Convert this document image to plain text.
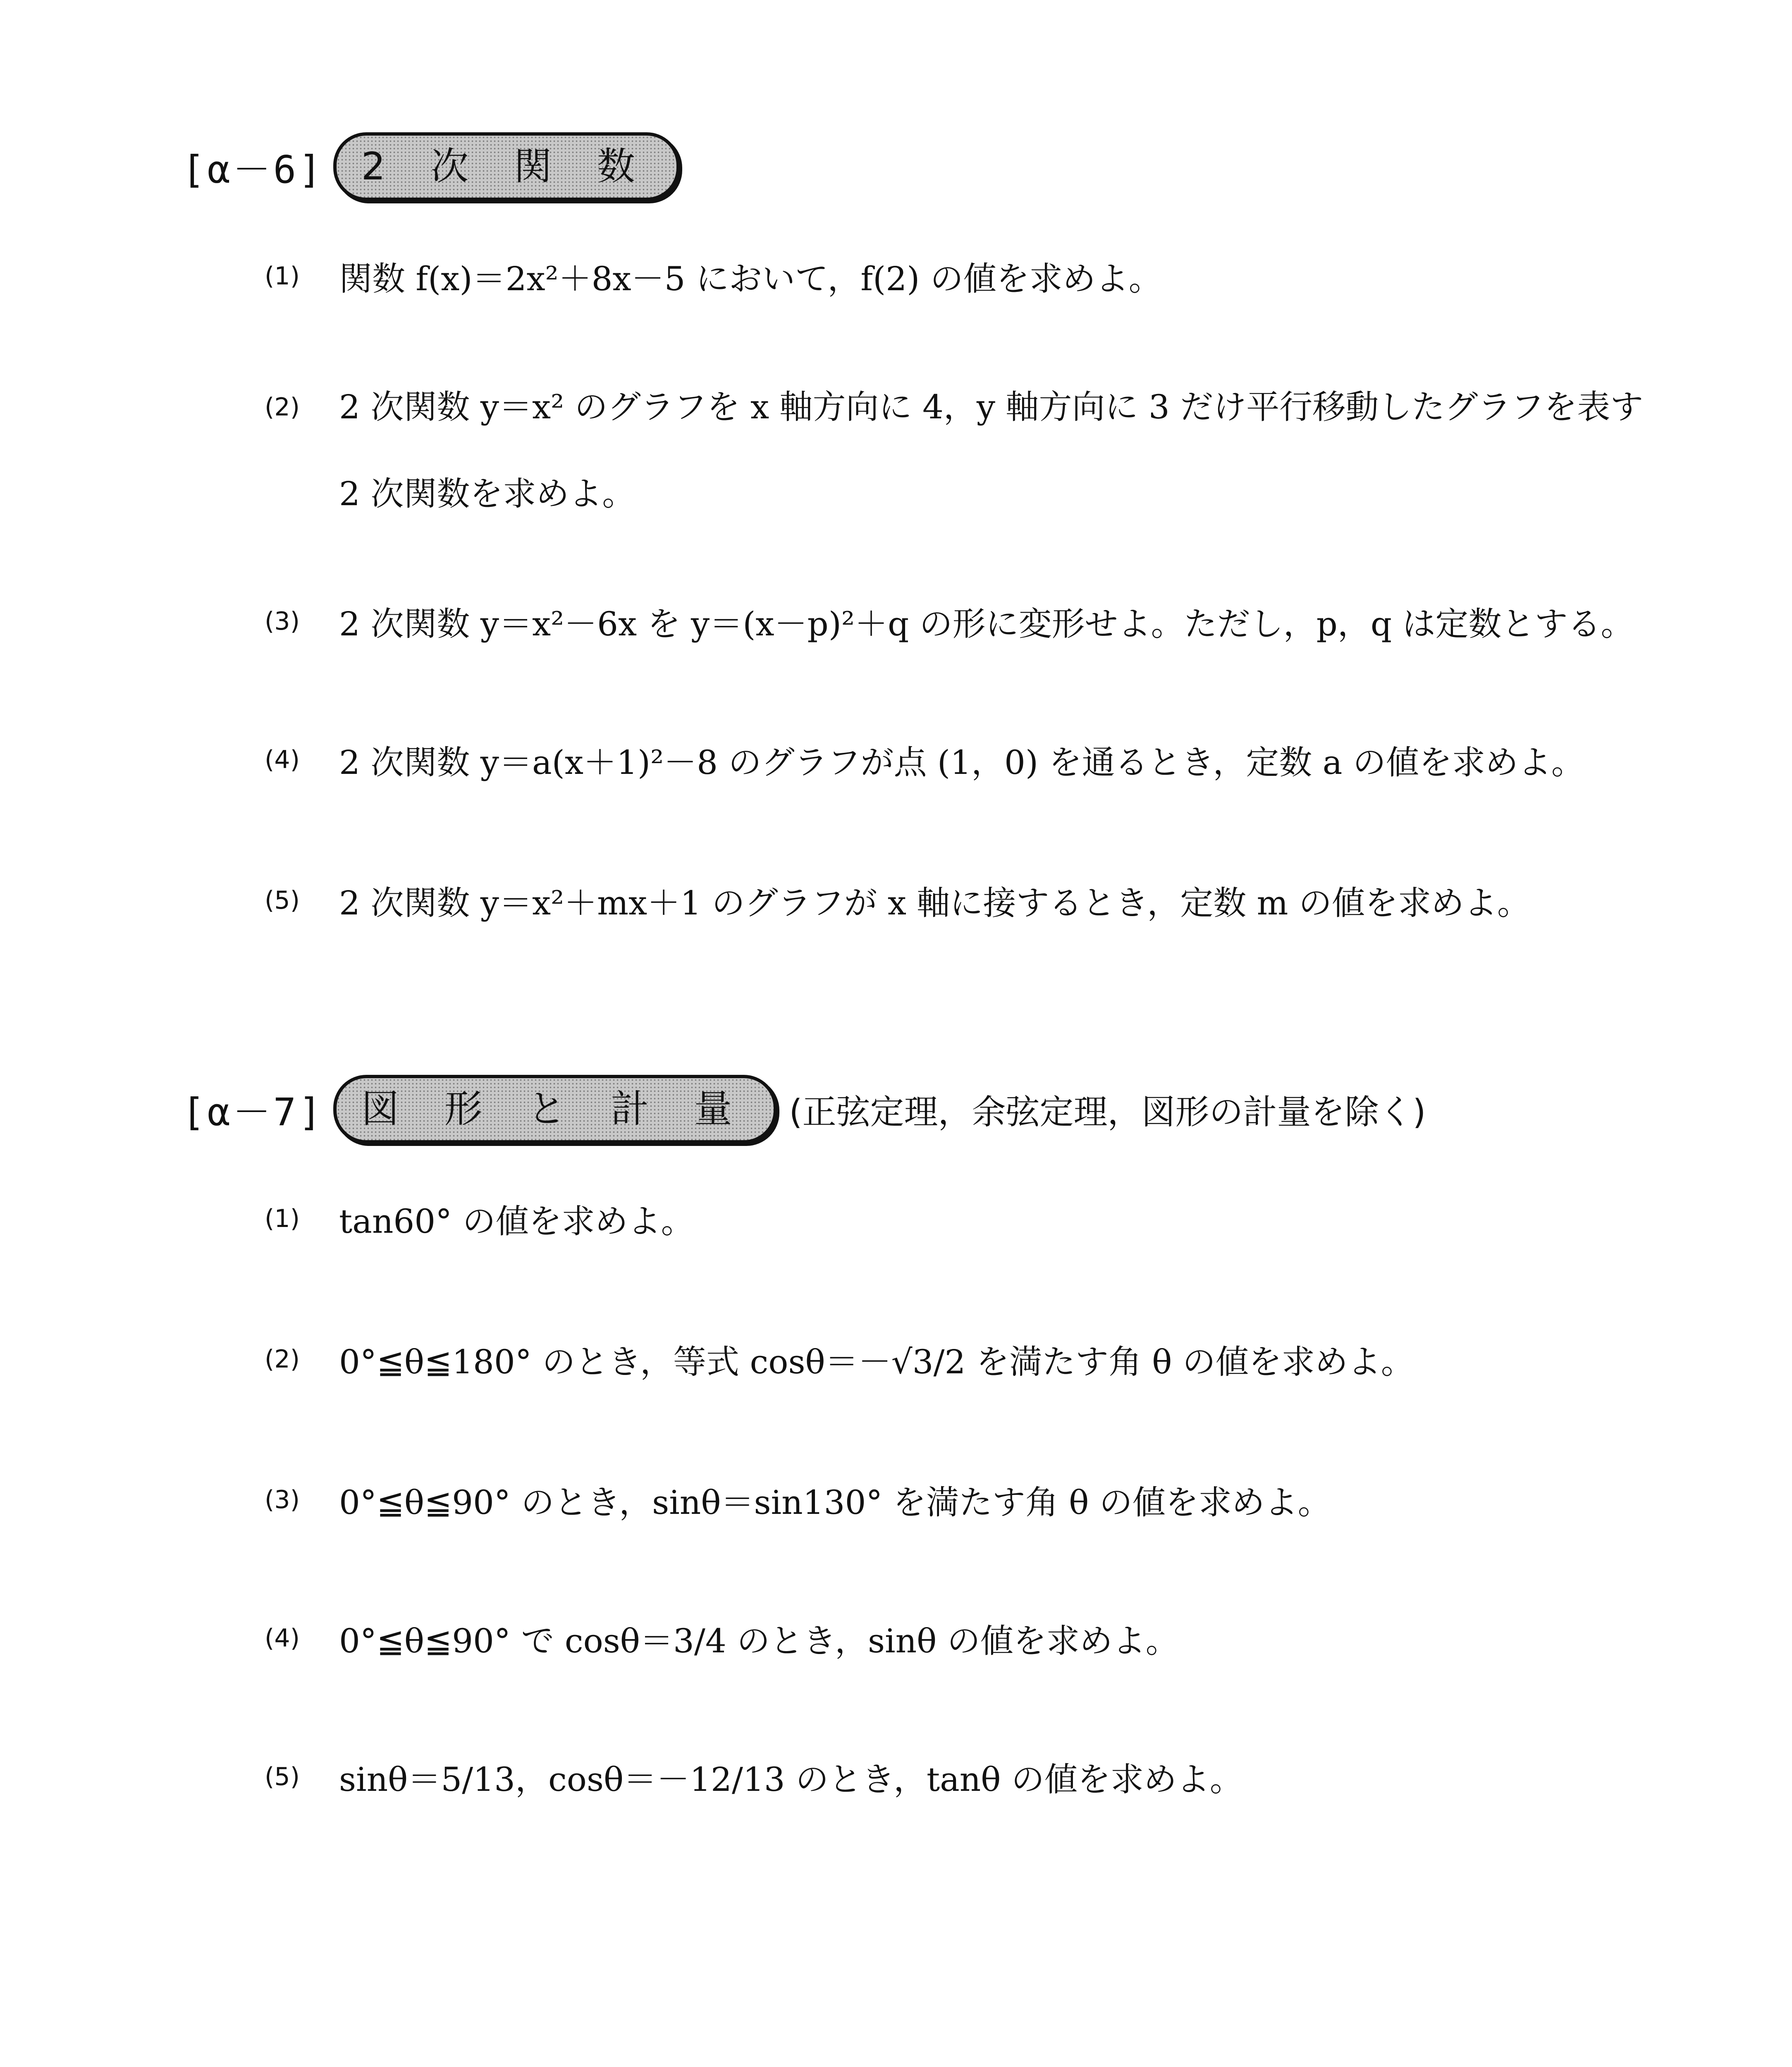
[α－6] 2 次 関 数
(1)	関数 f(x)＝2x²＋8x－5 において，f(2) の値を求めよ。
(2)	2 次関数 y＝x² のグラフを x 軸方向に 4，y 軸方向に 3 だけ平行移動したグラフを表す 2 次関数を求めよ。
(3)	2 次関数 y＝x²－6x を y＝(x－p)²＋q の形に変形せよ。ただし，p，q は定数とする。
(4)	2 次関数 y＝a(x＋1)²－8 のグラフが点 (1，0) を通るとき，定数 a の値を求めよ。
(5)	2 次関数 y＝x²＋mx＋1 のグラフが x 軸に接するとき，定数 m の値を求めよ。
[α－7] 図 形 と 計 量	(正弦定理，余弦定理，図形の計量を除く)
(1)	tan60° の値を求めよ。
(2)	0°≦θ≦180° のとき，等式 cosθ＝－√3/2 を満たす角 θ の値を求めよ。
(3)	0°≦θ≦90° のとき，sinθ＝sin130° を満たす角 θ の値を求めよ。
(4)	0°≦θ≦90° で cosθ＝3/4 のとき，sinθ の値を求めよ。
(5)	sinθ＝5/13，cosθ＝－12/13 のとき，tanθ の値を求めよ。
